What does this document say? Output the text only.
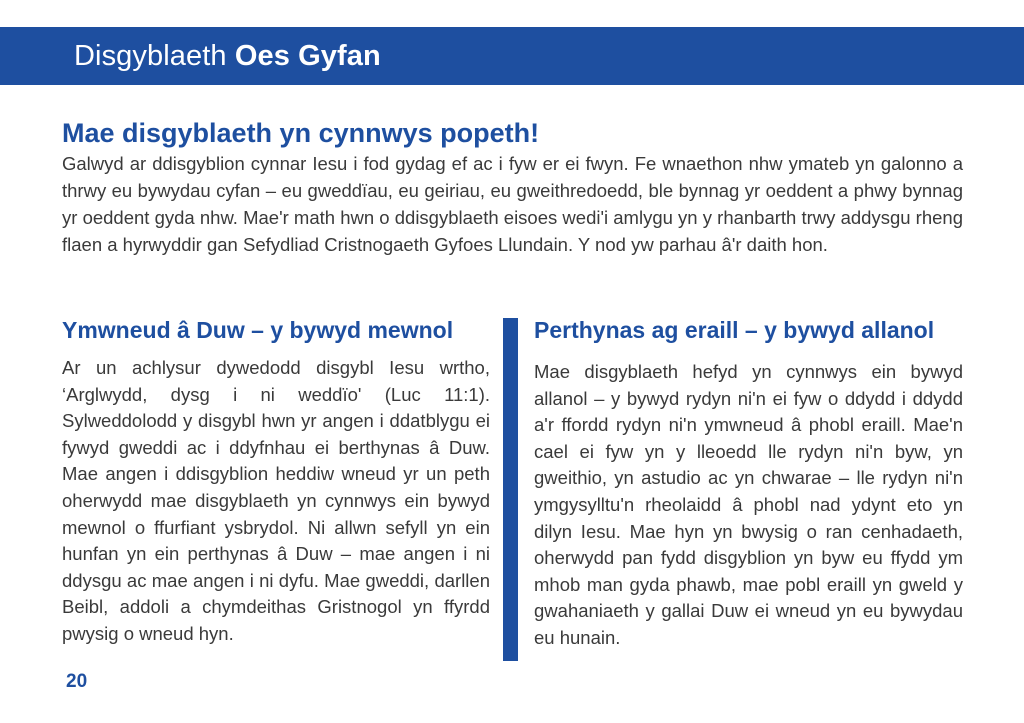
Disgyblaeth Oes Gyfan
Mae disgyblaeth yn cynnwys popeth!

Galwyd ar ddisgyblion cynnar Iesu i fod gydag ef ac i fyw er ei fwyn. Fe wnaethon nhw ymateb yn galonno a thrwy eu bywydau cyfan – eu gweddïau, eu geiriau, eu gweithredoedd, ble bynnag yr oeddent a phwy bynnag yr oeddent gyda nhw. Mae'r math hwn o ddisgyblaeth eisoes wedi'i amlygu yn y rhanbarth trwy addysgu rheng flaen a hyrwyddir gan Sefydliad Cristnogaeth Gyfoes Llundain. Y nod yw parhau â'r daith hon.

Ymwneud â Duw – y bywyd mewnol

Ar un achlysur dywedodd disgybl Iesu wrtho, ‘Arglwydd, dysg i ni weddïo' (Luc 11:1). Sylweddolodd y disgybl hwn yr angen i ddatblygu ei fywyd gweddi ac i ddyfnhau ei berthynas â Duw. Mae angen i ddisgyblion heddiw wneud yr un peth oherwydd mae disgyblaeth yn cynnwys ein bywyd mewnol o ffurfiant ysbrydol. Ni allwn sefyll yn ein hunfan yn ein perthynas â Duw – mae angen i ni ddysgu ac mae angen i ni dyfu. Mae gweddi, darllen Beibl, addoli a chymdeithas Gristnogol yn ffyrdd pwysig o wneud hyn.

Perthynas ag eraill – y bywyd allanol

Mae disgyblaeth hefyd yn cynnwys ein bywyd allanol – y bywyd rydyn ni'n ei fyw o ddydd i ddydd a'r ffordd rydyn ni'n ymwneud â phobl eraill. Mae'n cael ei fyw yn y lleoedd lle rydyn ni'n byw, yn gweithio, yn astudio ac yn chwarae – lle rydyn ni'n ymgysylltu'n rheolaidd â phobl nad ydynt eto yn dilyn Iesu. Mae hyn yn bwysig o ran cenhadaeth, oherwydd pan fydd disgyblion yn byw eu ffydd ym mhob man gyda phawb, mae pobl eraill yn gweld y gwahaniaeth y gallai Duw ei wneud yn eu bywydau eu hunain.

20
